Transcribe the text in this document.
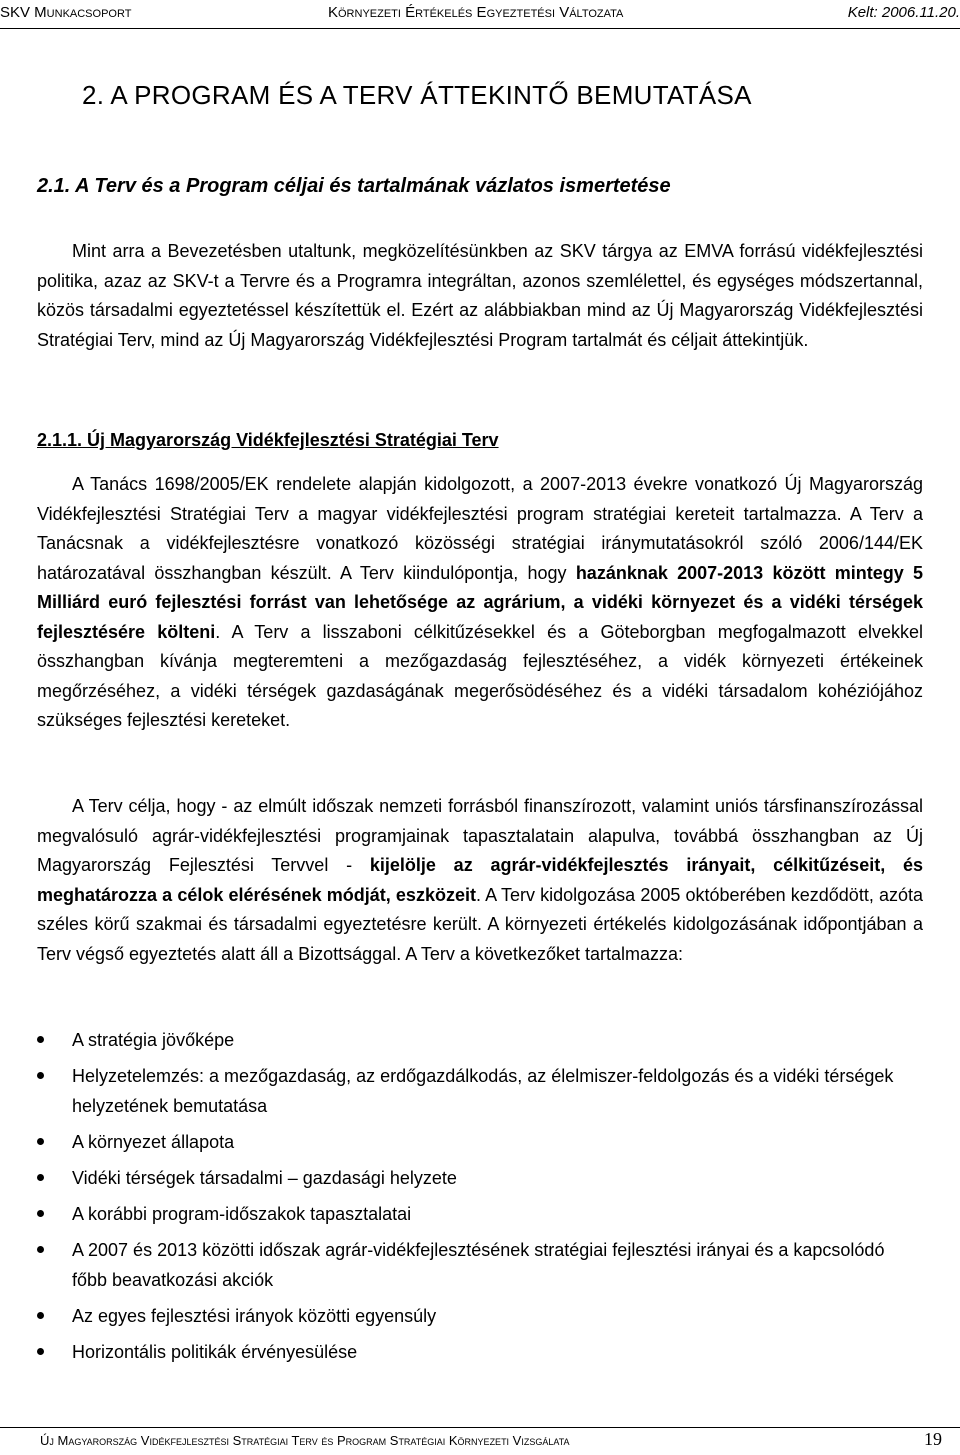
SKV Munkacsoport	Környezeti Értékelés Egyeztetési Változata	Kelt: 2006.11.20.
2. A PROGRAM ÉS A TERV ÁTTEKINTŐ BEMUTATÁSA
2.1. A Terv és a Program céljai és tartalmának vázlatos ismertetése

Mint arra a Bevezetésben utaltunk, megközelítésünkben az SKV tárgya az EMVA forrású vidékfejlesztési politika, azaz az SKV-t a Tervre és a Programra integráltan, azonos szemlélettel, és egységes módszertannal, közös társadalmi egyeztetéssel készítettük el. Ezért az alábbiakban mind az Új Magyarország Vidékfejlesztési Stratégiai Terv, mind az Új Magyarország Vidékfejlesztési Program tartalmát és céljait áttekintjük.

2.1.1. Új Magyarország Vidékfejlesztési Stratégiai Terv

A Tanács 1698/2005/EK rendelete alapján kidolgozott, a 2007-2013 évekre vonatkozó Új Magyarország Vidékfejlesztési Stratégiai Terv a magyar vidékfejlesztési program stratégiai kereteit tartalmazza. A Terv a Tanácsnak a vidékfejlesztésre vonatkozó közösségi stratégiai iránymutatásokról szóló 2006/144/EK határozatával összhangban készült. A Terv kiindulópontja, hogy hazánknak 2007-2013 között mintegy 5 Milliárd euró fejlesztési forrást van lehetősége az agrárium, a vidéki környezet és a vidéki térségek fejlesztésére költeni. A Terv a lisszaboni célkitűzésekkel és a Göteborgban megfogalmazott elvekkel összhangban kívánja megteremteni a mezőgazdaság fejlesztéséhez, a vidék környezeti értékeinek megőrzéséhez, a vidéki térségek gazdaságának megerősödéséhez és a vidéki társadalom kohéziójához szükséges fejlesztési kereteket.

A Terv célja, hogy - az elmúlt időszak nemzeti forrásból finanszírozott, valamint uniós társfinanszírozással megvalósuló agrár-vidékfejlesztési programjainak tapasztalatain alapulva, továbbá összhangban az Új Magyarország Fejlesztési Tervvel - kijelölje az agrár-vidékfejlesztés irányait, célkitűzéseit, és meghatározza a célok elérésének módját, eszközeit. A Terv kidolgozása 2005 októberében kezdődött, azóta széles körű szakmai és társadalmi egyeztetésre került. A környezeti értékelés kidolgozásának időpontjában a Terv végső egyeztetés alatt áll a Bizottsággal. A Terv a következőket tartalmazza:

A stratégia jövőképe
Helyzetelemzés: a mezőgazdaság, az erdőgazdálkodás, az élelmiszer-feldolgozás és a vidéki térségek helyzetének bemutatása
A környezet állapota
Vidéki térségek társadalmi – gazdasági helyzete
A korábbi program-időszakok tapasztalatai
A 2007 és 2013 közötti időszak agrár-vidékfejlesztésének stratégiai fejlesztési irányai és a kapcsolódó főbb beavatkozási akciók
Az egyes fejlesztési irányok közötti egyensúly
Horizontális politikák érvényesülése
Új Magyarország Vidékfejlesztési Stratégiai Terv és Program Stratégiai Környezeti Vizsgálata	19
